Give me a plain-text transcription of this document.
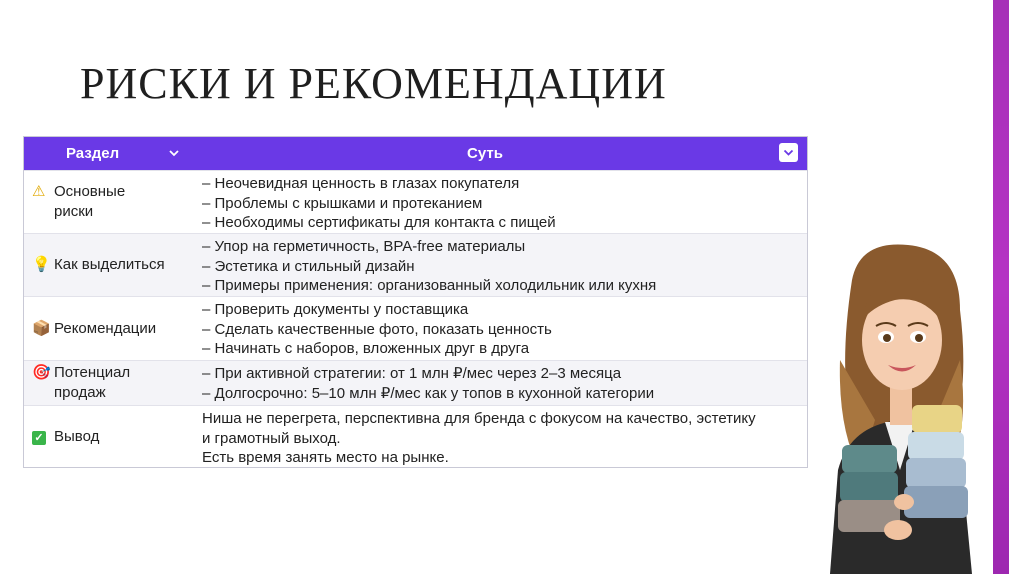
РИСКИ И РЕКОМЕНДАЦИИ
Раздел	Суть
⚠ Основные риски
– Неочевидная ценность в глазах покупателя
– Проблемы с крышками и протеканием
– Необходимы сертификаты для контакта с пищей
💡 Как выделиться
– Упор на герметичность, BPA-free материалы
– Эстетика и стильный дизайн
– Примеры применения: организованный холодильник или кухня
📦 Рекомендации
– Проверить документы у поставщика
– Сделать качественные фото, показать ценность
– Начинать с наборов, вложенных друг в друга
🎯 Потенциал продаж
– При активной стратегии: от 1 млн ₽/мес через 2–3 месяца
– Долгосрочно: 5–10 млн ₽/мес как у топов в кухонной категории
✓ Вывод
Ниша не перегрета, перспективна для бренда с фокусом на качество, эстетику
и грамотный выход.
Есть время занять место на рынке.
